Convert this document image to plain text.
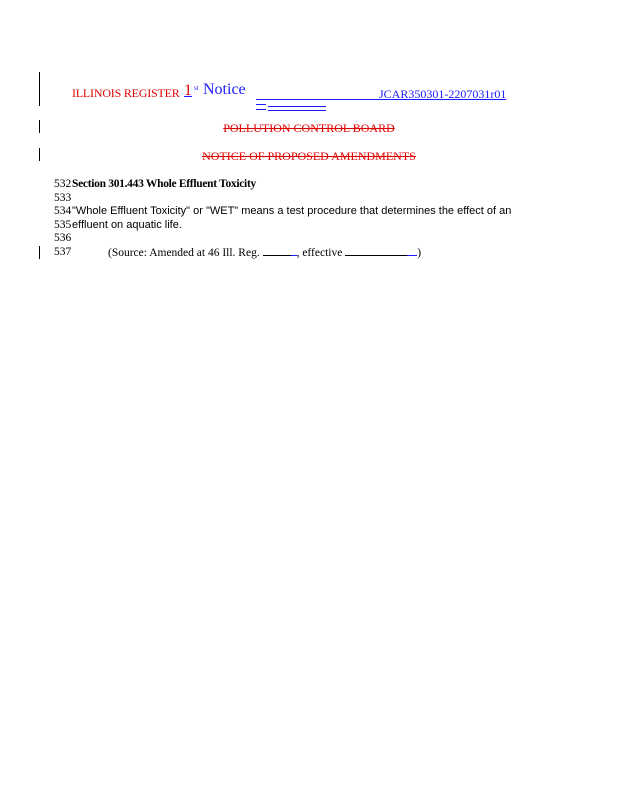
ILLINOIS REGISTER 1 st Notice	JCAR350301-2207031r01
POLLUTION CONTROL BOARD
NOTICE OF PROPOSED AMENDMENTS
532Section 301.443 Whole Effluent Toxicity
533
534"Whole Effluent Toxicity" or "WET" means a test procedure that determines the effect of an
535effluent on aquatic life.
536
537	(Source: Amended at 46 Ill. Reg.	, effective	)
